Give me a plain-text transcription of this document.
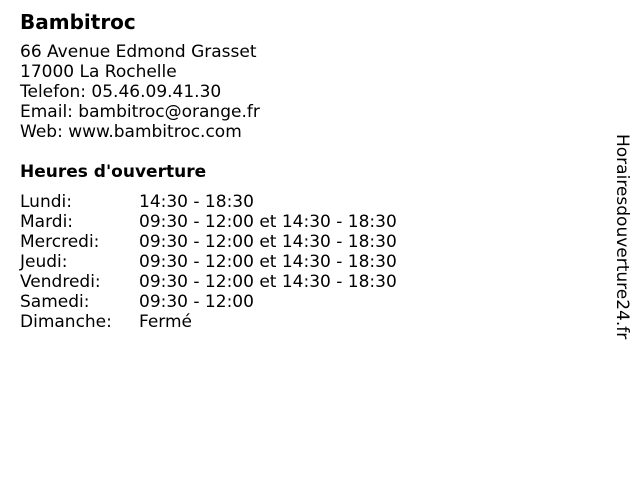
Bambitroc
66 Avenue Edmond Grasset
17000 La Rochelle
Telefon: 05.46.09.41.30
Email: bambitroc@orange.fr
Web: www.bambitroc.com
Heures d'ouverture
Lundi:	14:30 - 18:30
Mardi:	09:30 - 12:00 et 14:30 - 18:30
Mercredi: 09:30 - 12:00 et 14:30 - 18:30
Jeudi:	09:30 - 12:00 et 14:30 - 18:30
Vendredi: 09:30 - 12:00 et 14:30 - 18:30
Samedi:	09:30 - 12:00
Dimanche: Fermé	Horairesdouverture24.fr
